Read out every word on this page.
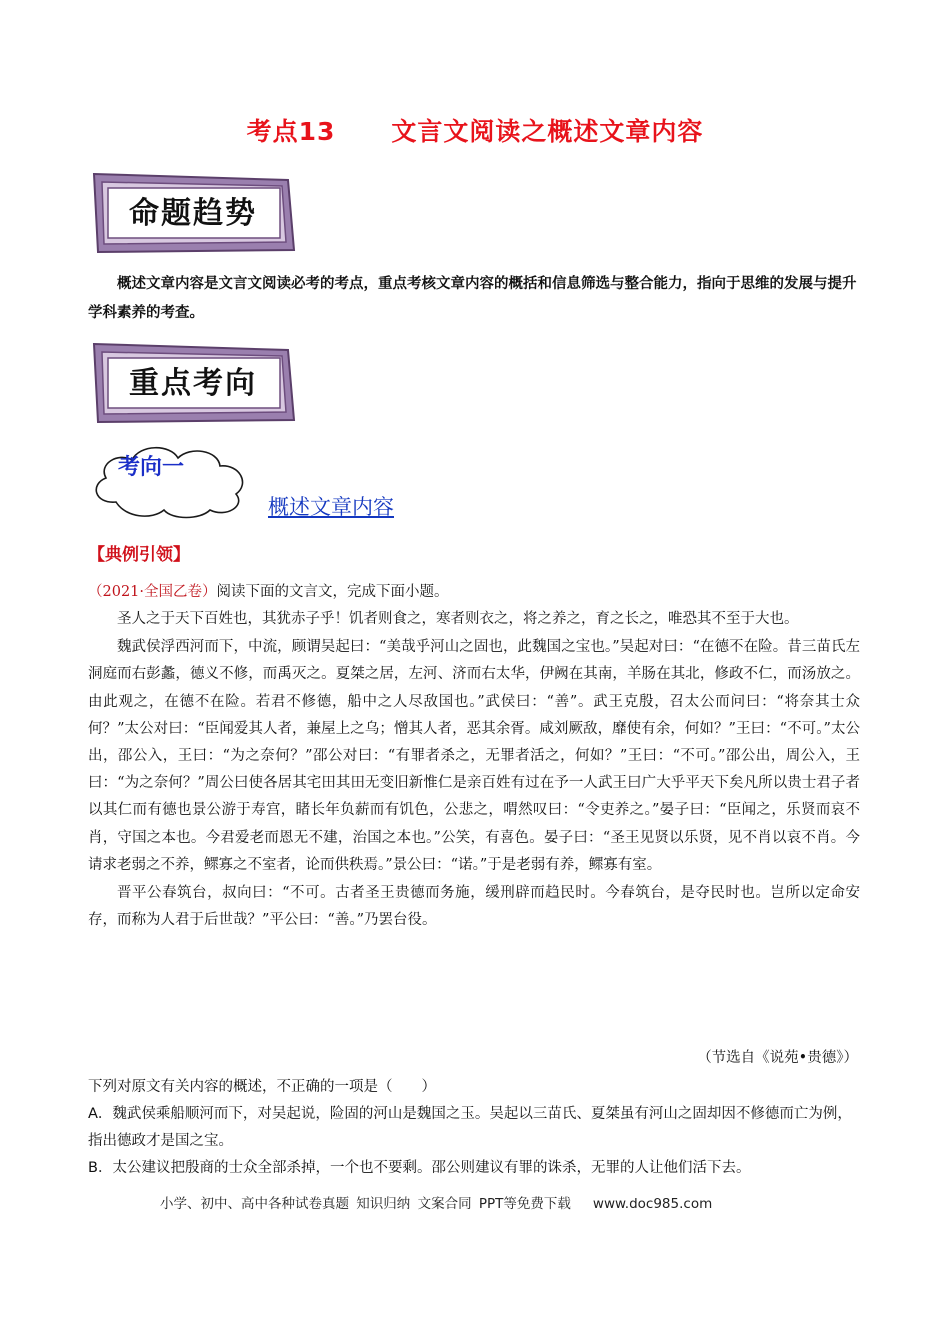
考点13 文言文阅读之概述文章内容
命题趋势
概述文章内容是文言文阅读必考的考点，重点考核文章内容的概括和信息筛选与整合能力，指向于思维的发展与提升学科素养的考查。
重点考向
考向一
概述文章内容
【典例引领】
（2021·全国乙卷）阅读下面的文言文，完成下面小题。

圣人之于天下百姓也，其犹赤子乎！饥者则食之，寒者则衣之，将之养之，育之长之，唯恐其不至于大也。

魏武侯浮西河而下，中流，顾谓吴起曰：“美哉乎河山之固也，此魏国之宝也。”吴起对曰：“在德不在险。昔三苗氏左洞庭而右彭蠡，德义不修，而禹灭之。夏桀之居，左河、济而右太华，伊阙在其南，羊肠在其北，修政不仁，而汤放之。由此观之，在德不在险。若君不修德，船中之人尽敌国也。”武侯曰：“善”。武王克殷，召太公而问曰：“将奈其士众何？”太公对曰：“臣闻爱其人者，兼屋上之乌；憎其人者，恶其余胥。咸刘厥敌，靡使有余，何如？”王曰：“不可。”太公出，邵公入，王曰：“为之奈何？”邵公对曰：“有罪者杀之，无罪者活之，何如？”王曰：“不可。”邵公出，周公入，王曰：“为之奈何？”周公曰使各居其宅田其田无变旧新惟仁是亲百姓有过在予一人武王曰广大乎平天下矣凡所以贵士君子者以其仁而有德也景公游于寿宫，睹长年负薪而有饥色，公悲之，喟然叹曰：“令吏养之。”晏子曰：“臣闻之，乐贤而哀不肖，守国之本也。今君爱老而恩无不建，治国之本也。”公笑，有喜色。晏子曰：“圣王见贤以乐贤，见不肖以哀不肖。今请求老弱之不养，鳏寡之不室者，论而供秩焉。”景公曰：“诺。”于是老弱有养，鳏寡有室。

晋平公春筑台，叔向曰：“不可。古者圣王贵德而务施，缓刑辟而趋民时。今春筑台，是夺民时也。岂所以定命安存，而称为人君于后世哉？”平公曰：“善。”乃罢台役。

（节选自《说苑•贵德》）

下列对原文有关内容的概述，不正确的一项是（　　）

A．魏武侯乘船顺河而下，对吴起说，险固的河山是魏国之玉。吴起以三苗氏、夏桀虽有河山之固却因不修德而亡为例，指出德政才是国之宝。

B．太公建议把殷商的士众全部杀掉，一个也不要剩。邵公则建议有罪的诛杀，无罪的人让他们活下去。

小学、初中、高中各种试卷真题 知识归纳 文案合同 PPT等免费下载 www.doc985.com
